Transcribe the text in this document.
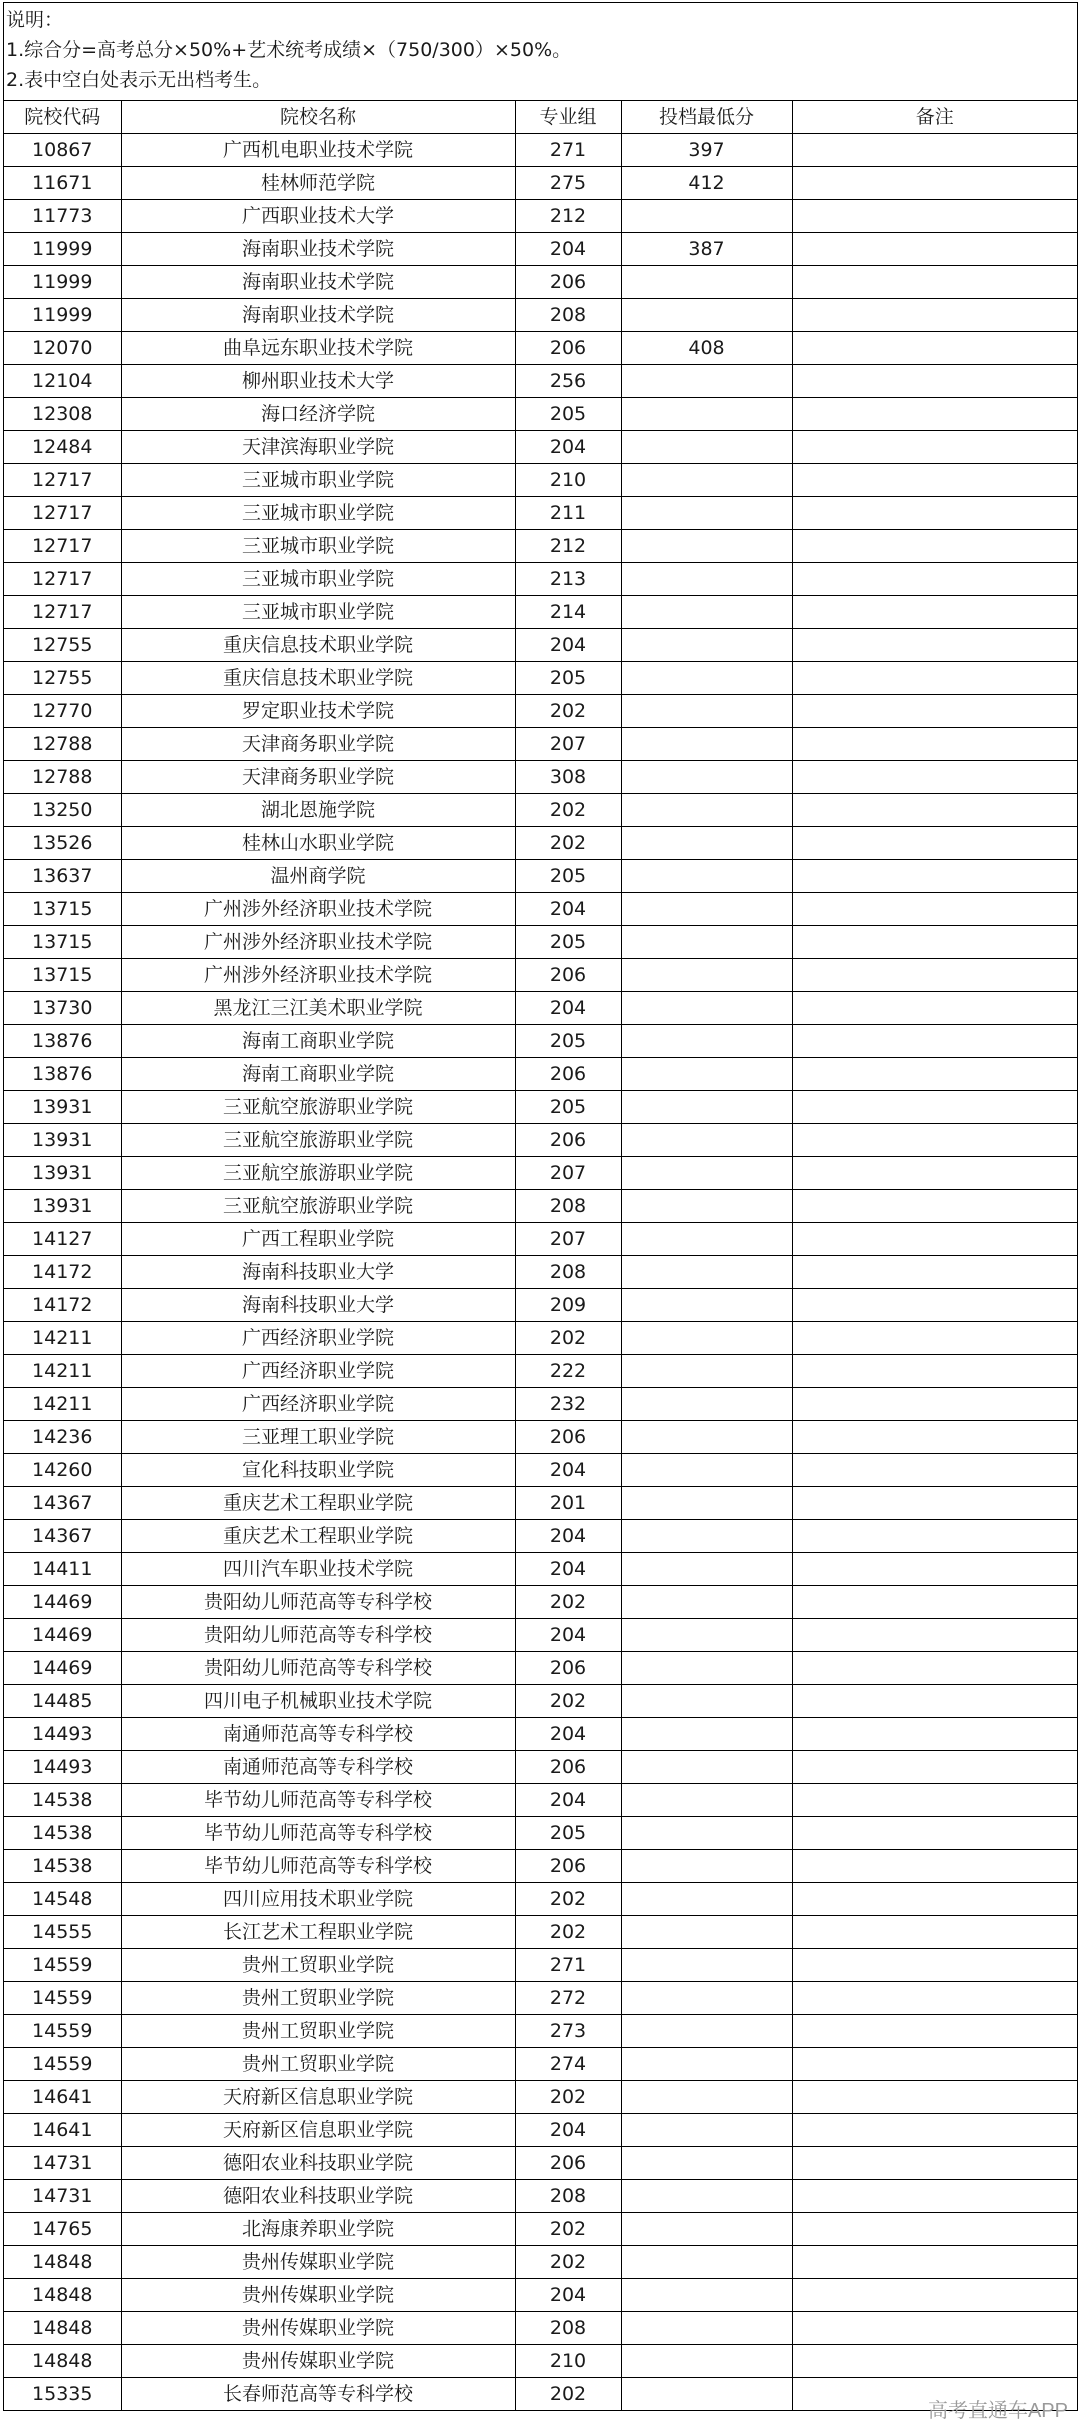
说明：
1.综合分=高考总分×50%+艺术统考成绩×（750/300）×50%。
2.表中空白处表示无出档考生。
院校代码	院校名称	专业组	投档最低分	备注
10867	广西机电职业技术学院	271	397	
11671	桂林师范学院	275	412	
11773	广西职业技术大学	212		
11999	海南职业技术学院	204	387	
11999	海南职业技术学院	206		
11999	海南职业技术学院	208		
12070	曲阜远东职业技术学院	206	408	
12104	柳州职业技术大学	256		
12308	海口经济学院	205		
12484	天津滨海职业学院	204		
12717	三亚城市职业学院	210		
12717	三亚城市职业学院	211		
12717	三亚城市职业学院	212		
12717	三亚城市职业学院	213		
12717	三亚城市职业学院	214		
12755	重庆信息技术职业学院	204		
12755	重庆信息技术职业学院	205		
12770	罗定职业技术学院	202		
12788	天津商务职业学院	207		
12788	天津商务职业学院	308		
13250	湖北恩施学院	202		
13526	桂林山水职业学院	202		
13637	温州商学院	205		
13715	广州涉外经济职业技术学院	204		
13715	广州涉外经济职业技术学院	205		
13715	广州涉外经济职业技术学院	206		
13730	黑龙江三江美术职业学院	204		
13876	海南工商职业学院	205		
13876	海南工商职业学院	206		
13931	三亚航空旅游职业学院	205		
13931	三亚航空旅游职业学院	206		
13931	三亚航空旅游职业学院	207		
13931	三亚航空旅游职业学院	208		
14127	广西工程职业学院	207		
14172	海南科技职业大学	208		
14172	海南科技职业大学	209		
14211	广西经济职业学院	202		
14211	广西经济职业学院	222		
14211	广西经济职业学院	232		
14236	三亚理工职业学院	206		
14260	宣化科技职业学院	204		
14367	重庆艺术工程职业学院	201		
14367	重庆艺术工程职业学院	204		
14411	四川汽车职业技术学院	204		
14469	贵阳幼儿师范高等专科学校	202		
14469	贵阳幼儿师范高等专科学校	204		
14469	贵阳幼儿师范高等专科学校	206		
14485	四川电子机械职业技术学院	202		
14493	南通师范高等专科学校	204		
14493	南通师范高等专科学校	206		
14538	毕节幼儿师范高等专科学校	204		
14538	毕节幼儿师范高等专科学校	205		
14538	毕节幼儿师范高等专科学校	206		
14548	四川应用技术职业学院	202		
14555	长江艺术工程职业学院	202		
14559	贵州工贸职业学院	271		
14559	贵州工贸职业学院	272		
14559	贵州工贸职业学院	273		
14559	贵州工贸职业学院	274		
14641	天府新区信息职业学院	202		
14641	天府新区信息职业学院	204		
14731	德阳农业科技职业学院	206		
14731	德阳农业科技职业学院	208		
14765	北海康养职业学院	202		
14848	贵州传媒职业学院	202		
14848	贵州传媒职业学院	204		
14848	贵州传媒职业学院	208		
14848	贵州传媒职业学院	210		
15335	长春师范高等专科学校	202		
高考直通车APP
